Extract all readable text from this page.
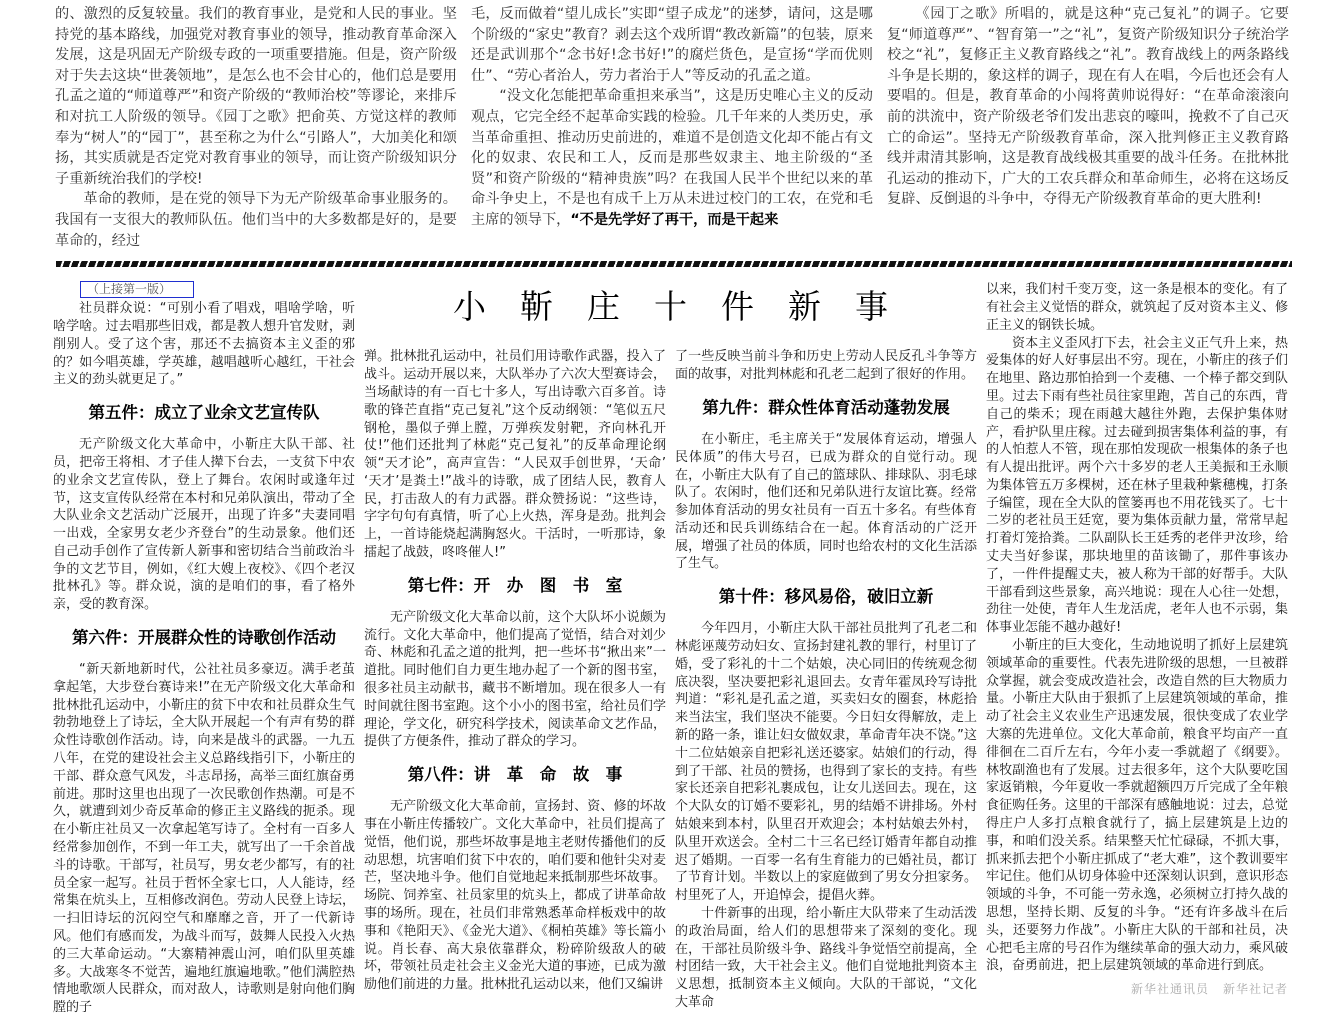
的、激烈的反复较量。我们的教育事业，是党和人民的事业。坚持党的基本路线，加强党对教育事业的领导，推动教育革命深入发展，这是巩固无产阶级专政的一项重要措施。但是，资产阶级对于失去这块“世袭领地”，是怎么也不会甘心的，他们总是要用孔孟之道的“师道尊严”和资产阶级的“教师治校”等谬论，来排斥和对抗工人阶级的领导。《园丁之歌》把俞英、方觉这样的教师奉为“树人”的“园丁”，甚至称之为什么“引路人”，大加美化和颂扬，其实质就是否定党对教育事业的领导，而让资产阶级知识分子重新统治我们的学校!

革命的教师，是在党的领导下为无产阶级革命事业服务的。我国有一支很大的教师队伍。他们当中的大多数都是好的，是要革命的，经过

毛，反而做着“望儿成长”实即“望子成龙”的迷梦，请问，这是哪个阶级的“家史”教育？剥去这个戏所谓“教改新篇”的包装，原来还是武训那个“念书好!念书好!”的腐烂货色，是宣扬“学而优则仕”、“劳心者治人，劳力者治于人”等反动的孔孟之道。

“没文化怎能把革命重担来承当”，这是历史唯心主义的反动观点，它完全经不起革命实践的检验。几千年来的人类历史，承当革命重担、推动历史前进的，难道不是创造文化却不能占有文化的奴隶、农民和工人，反而是那些奴隶主、地主阶级的“圣贤”和资产阶级的“精神贵族”吗？在我国人民半个世纪以来的革命斗争史上，不是也有成千上万从未进过校门的工农，在党和毛主席的领导下，“不是先学好了再干，而是干起来

《园丁之歌》所唱的，就是这种“克己复礼”的调子。它要复“师道尊严”、“智育第一”之“礼”，复资产阶级知识分子统治学校之“礼”，复修正主义教育路线之“礼”。教育战线上的两条路线斗争是长期的，象这样的调子，现在有人在唱，今后也还会有人要唱的。但是，教育革命的小闯将黄帅说得好：“在革命滚滚向前的洪流中，资产阶级老爷们发出悲哀的嚎叫，挽救不了自己灭亡的命运”。坚持无产阶级教育革命，深入批判修正主义教育路线并肃清其影响，这是教育战线极其重要的战斗任务。在批林批孔运动的推动下，广大的工农兵群众和革命师生，必将在这场反复辟、反倒退的斗争中，夺得无产阶级教育革命的更大胜利!

小靳庄十件新事
（上接第一版）

社员群众说：“可别小看了唱戏，唱啥学啥，听啥学啥。过去唱那些旧戏，都是教人想升官发财，剥削别人。受了这个害，那还不去搞资本主义歪的邪的？如今唱英雄，学英雄，越唱越听心越红，干社会主义的劲头就更足了。”

第五件：成立了业余文艺宣传队

无产阶级文化大革命中，小靳庄大队干部、社员，把帝王将相、才子佳人撵下台去，一支贫下中农的业余文艺宣传队，登上了舞台。农闲时或逢年过节，这支宣传队经常在本村和兄弟队演出，带动了全大队业余文艺活动广泛展开，出现了许多“夫妻同唱一出戏，全家男女老少齐登台”的生动景象。他们还自己动手创作了宣传新人新事和密切结合当前政治斗争的文艺节目，例如，《红大嫂上夜校》、《四个老汉批林孔》等。群众说，演的是咱们的事，看了格外亲，受的教育深。

第六件：开展群众性的诗歌创作活动

“新天新地新时代，公社社员多豪迈。满手老茧拿起笔，大步登台赛诗来!”在无产阶级文化大革命和批林批孔运动中，小靳庄的贫下中农和社员群众生气勃勃地登上了诗坛，全大队开展起一个有声有势的群众性诗歌创作活动。诗，向来是战斗的武器。一九五八年，在党的建设社会主义总路线指引下，小靳庄的干部、群众意气风发，斗志昂扬，高举三面红旗奋勇前进。那时这里也出现了一次民歌创作热潮。可是不久，就遭到刘少奇反革命的修正主义路线的扼杀。现在小靳庄社员又一次拿起笔写诗了。全村有一百多人经常参加创作，不到一年工夫，就写出了一千余首战斗的诗歌。干部写，社员写，男女老少都写，有的社员全家一起写。社员于哲怀全家七口，人人能诗，经常集在炕头上，互相修改润色。劳动人民登上诗坛，一扫旧诗坛的沉闷空气和靡靡之音，开了一代新诗风。他们有感而发，为战斗而写，鼓舞人民投入火热的三大革命运动。“大寨精神震山河，咱们队里英雄多。大战寒冬不觉苦，遍地红旗遍地歌。”他们满腔热情地歌颂人民群众，而对敌人，诗歌则是射向他们胸膛的子

弹。批林批孔运动中，社员们用诗歌作武器，投入了战斗。运动开展以来，大队举办了六次大型赛诗会，当场献诗的有一百七十多人，写出诗歌六百多首。诗歌的锋芒直指“克己复礼”这个反动纲领：“笔似五尺钢枪，墨似子弹上膛，万弹疾发射靶，齐向林孔开仗!”他们还批判了林彪“克己复礼”的反革命理论纲领“天才论”，高声宣告：“人民双手创世界，‘天命’ ‘天才’是粪土!”战斗的诗歌，成了团结人民，教育人民，打击敌人的有力武器。群众赞扬说：“这些诗，字字句句有真情，听了心上火热，浑身是劲。批判会上，一首诗能烧起满胸怒火。干活时，一听那诗，象擂起了战鼓，咚咚催人!”

第七件：开　办　图　书　室

无产阶级文化大革命以前，这个大队坏小说颇为流行。文化大革命中，他们提高了觉悟，结合对刘少奇、林彪和孔孟之道的批判，把一些坏书“揪出来”一道批。同时他们自力更生地办起了一个新的图书室，很多社员主动献书，藏书不断增加。现在很多人一有时间就往图书室跑。这个小小的图书室，给社员们学理论，学文化，研究科学技术，阅读革命文艺作品，提供了方便条件，推动了群众的学习。

第八件：讲　革　命　故　事

无产阶级文化大革命前，宣扬封、资、修的坏故事在小靳庄传播较广。文化大革命中，社员们提高了觉悟，他们说，那些坏故事是地主老财传播他们的反动思想，坑害咱们贫下中农的，咱们要和他针尖对麦芒，坚决地斗争。他们自觉地起来抵制那些坏故事。场院、饲养室、社员家里的炕头上，都成了讲革命故事的场所。现在，社员们非常熟悉革命样板戏中的故事和《艳阳天》、《金光大道》、《桐柏英雄》等长篇小说。肖长春、高大泉依靠群众，粉碎阶级敌人的破坏，带领社员走社会主义金光大道的事迹，已成为激励他们前进的力量。批林批孔运动以来，他们又编讲

了一些反映当前斗争和历史上劳动人民反孔斗争等方面的故事，对批判林彪和孔老二起到了很好的作用。

第九件：群众性体育活动蓬勃发展

在小靳庄，毛主席关于“发展体育运动，增强人民体质”的伟大号召，已成为群众的自觉行动。现在，小靳庄大队有了自己的篮球队、排球队、羽毛球队了。农闲时，他们还和兄弟队进行友谊比赛。经常参加体育活动的男女社员有一百五十多名。有些体育活动还和民兵训练结合在一起。体育活动的广泛开展，增强了社员的体质，同时也给农村的文化生活添了生气。

第十件：移风易俗，破旧立新

今年四月，小靳庄大队干部社员批判了孔老二和林彪诬蔑劳动妇女、宣扬封建礼教的罪行，村里订了婚，受了彩礼的十二个姑娘，决心同旧的传统观念彻底决裂，坚决要把彩礼退回去。女青年霍凤玲写诗批判道：“彩礼是孔孟之道，买卖妇女的圈套，林彪拾来当法宝，我们坚决不能要。今日妇女得解放，走上新的路一条，谁让妇女做奴隶，革命青年决不饶。”这十二位姑娘亲自把彩礼送还婆家。姑娘们的行动，得到了干部、社员的赞扬，也得到了家长的支持。有些家长还亲自把彩礼裹成包，让女儿送回去。现在，这个大队女的订婚不要彩礼，男的结婚不讲排场。外村姑娘来到本村，队里召开欢迎会；本村姑娘去外村，队里开欢送会。全村二十三名已经订婚青年都自动推迟了婚期。一百零一名有生育能力的已婚社员，都订了节育计划。半数以上的家庭做到了男女分担家务。村里死了人，开追悼会，提倡火葬。

十件新事的出现，给小靳庄大队带来了生动活泼的政治局面，给人们的思想带来了深刻的变化。现在，干部社员阶级斗争、路线斗争觉悟空前提高，全村团结一致，大干社会主义。他们自觉地批判资本主义思想，抵制资本主义倾向。大队的干部说，“文化大革命

以来，我们村千变万变，这一条是根本的变化。有了有社会主义觉悟的群众，就筑起了反对资本主义、修正主义的钢铁长城。

资本主义歪风打下去，社会主义正气升上来，热爱集体的好人好事层出不穷。现在，小靳庄的孩子们在地里、路边那怕拾到一个麦穗、一个棒子都交到队里。过去下雨有些社员往家里跑，苫自己的东西，背自己的柴禾；现在雨越大越往外跑，去保护集体财产，看护队里庄稼。过去碰到损害集体利益的事，有的人怕惹人不管，现在那怕发现砍一根集体的条子也有人提出批评。两个六十多岁的老人王美振和王永顺为集体管五万多棵树，还在林子里栽种紫穗槐，打条子编筐，现在全大队的筐篓再也不用花钱买了。七十二岁的老社员王廷宽，要为集体贡献力量，常常早起打着灯笼拾粪。二队副队长王廷秀的老伴尹汝珍，给丈夫当好参谋，那块地里的苗该锄了，那件事该办了，一件件提醒丈夫，被人称为干部的好帮手。大队干部看到这些景象，高兴地说：现在人心往一处想，劲往一处使，青年人生龙活虎，老年人也不示弱，集体事业怎能不越办越好!

小靳庄的巨大变化，生动地说明了抓好上层建筑领域革命的重要性。代表先进阶级的思想，一旦被群众掌握，就会变成改造社会，改造自然的巨大物质力量。小靳庄大队由于狠抓了上层建筑领域的革命，推动了社会主义农业生产迅速发展，很快变成了农业学大寨的先进单位。文化大革命前，粮食平均亩产一直徘徊在二百斤左右，今年小麦一季就超了《纲要》。林牧副渔也有了发展。过去很多年，这个大队要吃国家返销粮，今年夏收一季就超额四万斤完成了全年粮食征购任务。这里的干部深有感触地说：过去，总觉得庄户人多打点粮食就行了，搞上层建筑是上边的事，和咱们没关系。结果整天忙忙碌碌，不抓大事，抓来抓去把个小靳庄抓成了“老大难”，这个教训要牢牢记住。他们从切身体验中还深刻认识到，意识形态领域的斗争，不可能一劳永逸，必须树立打持久战的思想，坚持长期、反复的斗争。“还有许多战斗在后头，还要努力作战”。小靳庄大队的干部和社员，决心把毛主席的号召作为继续革命的强大动力，乘风破浪，奋勇前进，把上层建筑领域的革命进行到底。

新华社通讯员 新华社记者
